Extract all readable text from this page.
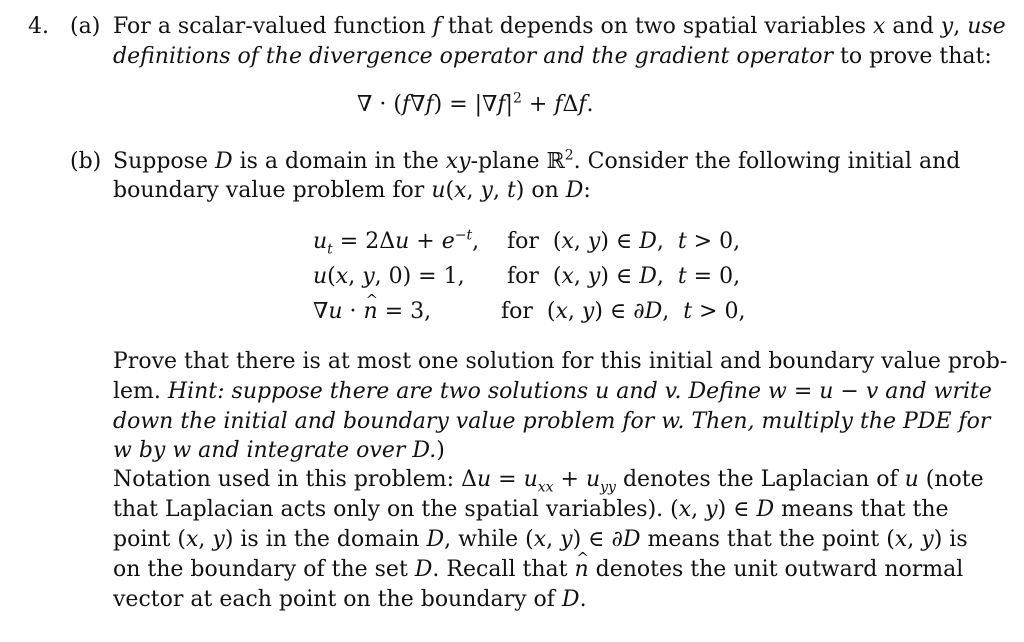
4. (a) For a scalar-valued function f that depends on two spatial variables x and y, use
definitions of the divergence operator and the gradient operator to prove that:
∇ · $(f\nabla f) = |\nabla f|^2 + f\Delta f$.
(b) Suppose D is a domain in the xy-plane ℝ$^2$. Consider the following initial and
boundary value problem for u(x, y, t) on D:
$u_t = 2\Delta u + e^{-t}$, for  (x, y) ∈ D,  t > 0,
u(x, y, 0) = 1, for  (x, y) ∈ D,  t = 0,
∇u · ^ n = 3,	for  (x, y) ∈ ∂D,  t > 0,
Prove that there is at most one solution for this initial and boundary value prob-
lem. Hint: suppose there are two solutions u and v. Define w = u − v and write
down the initial and boundary value problem for w. Then, multiply the PDE for
w by w and integrate over D.)
Notation used in this problem: $\Delta u = u_{xx} + u_{yy}$ denotes the Laplacian of u (note
that Laplacian acts only on the spatial variables). (x, y) ∈ D means that the
point (x, y) is in the domain D, while (x, y) ∈ ∂D means that the point (x, y) is
on the boundary of the set D. Recall that ^ n denotes the unit outward normal
vector at each point on the boundary of D.
